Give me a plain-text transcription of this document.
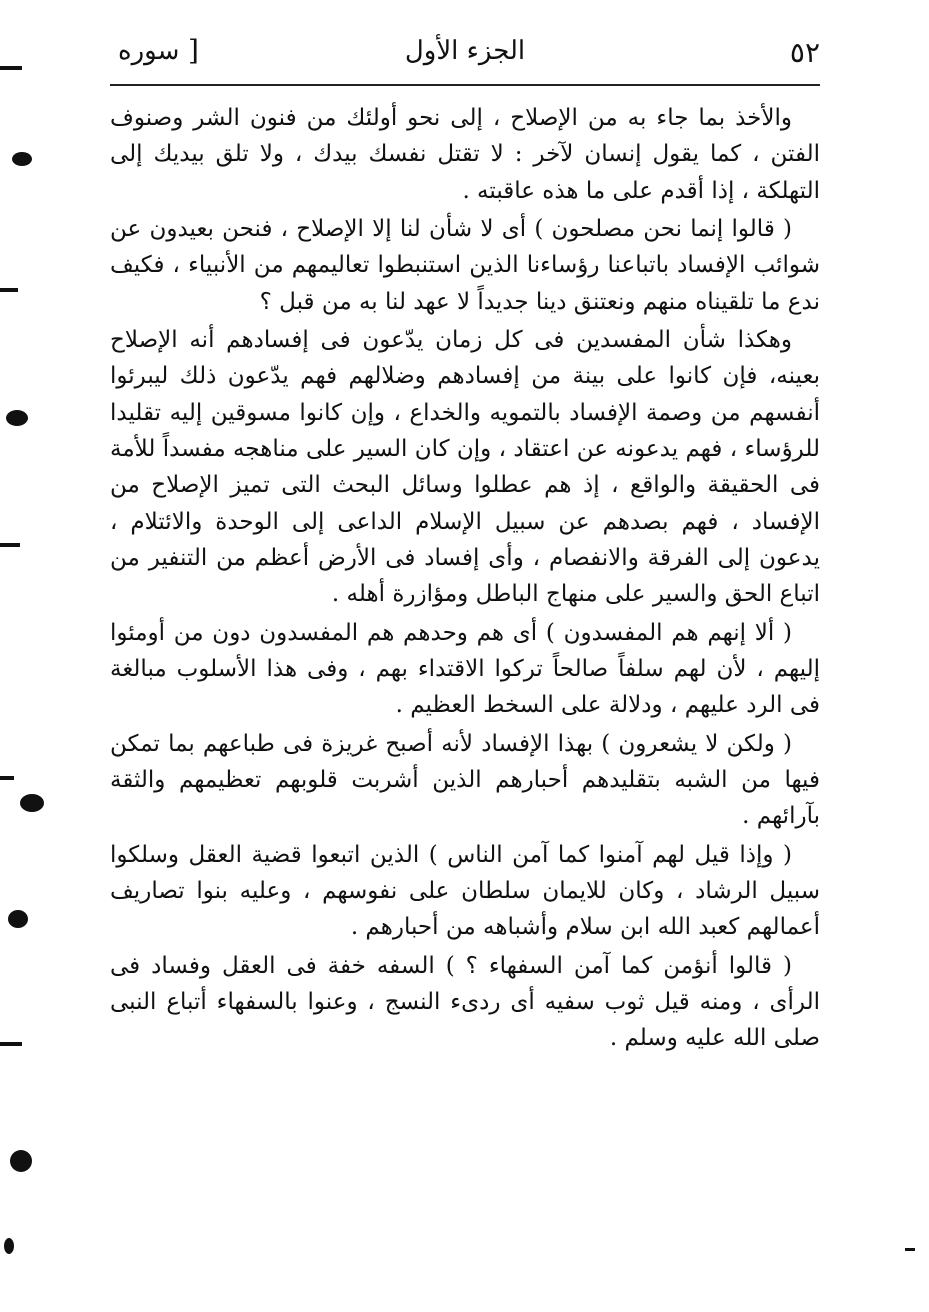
٥٢
الجزء الأول
[
سوره

والأخذ بما جاء به من الإصلاح ، إلى نحو أولئك من فنون الشر وصنوف الفتن ، كما يقول إنسان لآخر : لا تقتل نفسك بيدك ، ولا تلق بيديك إلى التهلكة ، إذا أقدم على ما هذه عاقبته .

( قالوا إنما نحن مصلحون ) أى لا شأن لنا إلا الإصلاح ، فنحن بعيدون عن شوائب الإفساد باتباعنا رؤساءنا الذين استنبطوا تعاليمهم من الأنبياء ، فكيف ندع ما تلقيناه منهم ونعتنق دينا جديداً لا عهد لنا به من قبل ؟

وهكذا شأن المفسدين فى كل زمان يدّعون فى إفسادهم أنه الإصلاح بعينه، فإن كانوا على بينة من إفسادهم وضلالهم فهم يدّعون ذلك ليبرئوا أنفسهم من وصمة الإفساد بالتمويه والخداع ، وإن كانوا مسوقين إليه تقليدا للرؤساء ، فهم يدعونه عن اعتقاد ، وإن كان السير على مناهجه مفسداً للأمة فى الحقيقة والواقع ، إذ هم عطلوا وسائل البحث التى تميز الإصلاح من الإفساد ، فهم بصدهم عن سبيل الإسلام الداعى إلى الوحدة والائتلام ، يدعون إلى الفرقة والانفصام ، وأى إفساد فى الأرض أعظم من التنفير من اتباع الحق والسير على منهاج الباطل ومؤازرة أهله .

( ألا إنهم هم المفسدون ) أى هم وحدهم هم المفسدون دون من أومئوا إليهم ، لأن لهم سلفاً صالحاً تركوا الاقتداء بهم ، وفى هذا الأسلوب مبالغة فى الرد عليهم ، ودلالة على السخط العظيم .

( ولكن لا يشعرون ) بهذا الإفساد لأنه أصبح غريزة فى طباعهم بما تمكن فيها من الشبه بتقليدهم أحبارهم الذين أشربت قلوبهم تعظيمهم والثقة بآرائهم .

( وإذا قيل لهم آمنوا كما آمن الناس ) الذين اتبعوا قضية العقل وسلكوا سبيل الرشاد ، وكان للايمان سلطان على نفوسهم ، وعليه بنوا تصاريف أعمالهم كعبد الله ابن سلام وأشباهه من أحبارهم .

( قالوا أنؤمن كما آمن السفهاء ؟ ) السفه خفة فى العقل وفساد فى الرأى ، ومنه قيل ثوب سفيه أى ردىء النسج ، وعنوا بالسفهاء أتباع النبى صلى الله عليه وسلم .
